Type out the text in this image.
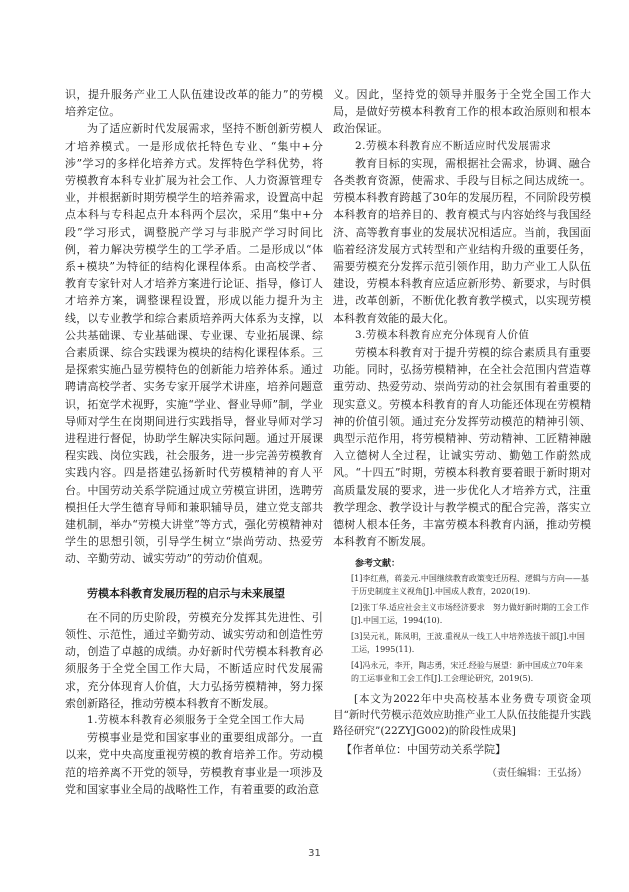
识，提升服务产业工人队伍建设改革的能力”的劳模培养定位。

为了适应新时代发展需求，坚持不断创新劳模人才培养模式。一是形成依托特色专业、“集中+分涉”学习的多样化培养方式。发挥特色学科优势，将劳模教育本科专业扩展为社会工作、人力资源管理专业，并根据新时期劳模学生的培养需求，设置高中起点本科与专科起点升本科两个层次，采用“集中+分段”学习形式，调整脱产学习与非脱产学习时间比例，着力解决劳模学生的工学矛盾。二是形成以“体系+模块”为特征的结构化课程体系。由高校学者、教育专家针对人才培养方案进行论证、指导，修订人才培养方案，调整课程设置，形成以能力提升为主线，以专业教学和综合素质培养两大体系为支撑，以公共基础课、专业基础课、专业课、专业拓展课、综合素质课、综合实践课为模块的结构化课程体系。三是探索实施凸显劳模特色的创新能力培养体系。通过聘请高校学者、实务专家开展学术讲座，培养问题意识，拓宽学术视野，实施“学业、督业导师”制，学业导师对学生在岗期间进行实践指导，督业导师对学习进程进行督促，协助学生解决实际问题。通过开展课程实践、岗位实践，社会服务，进一步完善劳模教育实践内容。四是搭建弘扬新时代劳模精神的育人平台。中国劳动关系学院通过成立劳模宣讲团，选聘劳模担任大学生德育导师和兼职辅导员，建立党支部共建机制，举办“劳模大讲堂”等方式，强化劳模精神对学生的思想引领，引导学生树立“崇尚劳动、热爱劳动、辛勤劳动、诚实劳动”的劳动价值观。

劳模本科教育发展历程的启示与未来展望

在不同的历史阶段，劳模充分发挥其先进性、引领性、示范性，通过辛勤劳动、诚实劳动和创造性劳动，创造了卓越的成绩。办好新时代劳模本科教育必须服务于全党全国工作大局，不断适应时代发展需求，充分体现育人价值，大力弘扬劳模精神，努力探索创新路径，推动劳模本科教育不断发展。

1.劳模本科教育必须服务于全党全国工作大局

劳模事业是党和国家事业的重要组成部分。一直以来，党中央高度重视劳模的教育培养工作。劳动模范的培养离不开党的领导，劳模教育事业是一项涉及党和国家事业全局的战略性工作，有着重要的政治意

义。因此，坚持党的领导并服务于全党全国工作大局，是做好劳模本科教育工作的根本政治原则和根本政治保证。

2.劳模本科教育应不断适应时代发展需求

教育目标的实现，需根据社会需求，协调、融合各类教育资源，使需求、手段与目标之间达成统一。劳模本科教育跨越了30年的发展历程，不同阶段劳模本科教育的培养目的、教育模式与内容始终与我国经济、高等教育事业的发展状况相适应。当前，我国面临着经济发展方式转型和产业结构升级的重要任务，需要劳模充分发挥示范引领作用，助力产业工人队伍建设，劳模本科教育应适应新形势、新要求，与时俱进，改革创新，不断优化教育教学模式，以实现劳模本科教育效能的最大化。

3.劳模本科教育应充分体现育人价值

劳模本科教育对于提升劳模的综合素质具有重要功能。同时，弘扬劳模精神，在全社会范围内营造尊重劳动、热爱劳动、崇尚劳动的社会氛围有着重要的现实意义。劳模本科教育的育人功能还体现在劳模精神的价值引领。通过充分发挥劳动模范的精神引领、典型示范作用，将劳模精神、劳动精神、工匠精神融入立德树人全过程，让诚实劳动、勤勉工作蔚然成风。“十四五”时期，劳模本科教育要着眼于新时期对高质量发展的要求，进一步优化人才培养方式，注重教学理念、教学设计与教学模式的配合完善，落实立德树人根本任务，丰富劳模本科教育内涵，推动劳模本科教育不断发展。

参考文献：

[1]李红燕，蒋姜元.中国继续教育政策变迁历程、逻辑与方向——基于历史制度主义视角[J].中国成人教育，2020(19).

[2]张丁华.适应社会主义市场经济要求　努力做好新时期的工会工作[J].中国工运，1994(10).

[3]吴元礼，陈凤明，王波.重视从一线工人中培养选拔干部[J].中国工运，1995(11).

[4]冯永元，李开，陶志勇，宋迁.经验与展望：新中国成立70年来的工运事业和工会工作[J].工会理论研究，2019(5).

[本文为2022年中央高校基本业务费专项资金项目“新时代劳模示范效应助推产业工人队伍技能提升实践路径研究”(22ZYJG002)的阶段性成果]

【作者单位：中国劳动关系学院】

（责任编辑：王弘扬）

31
